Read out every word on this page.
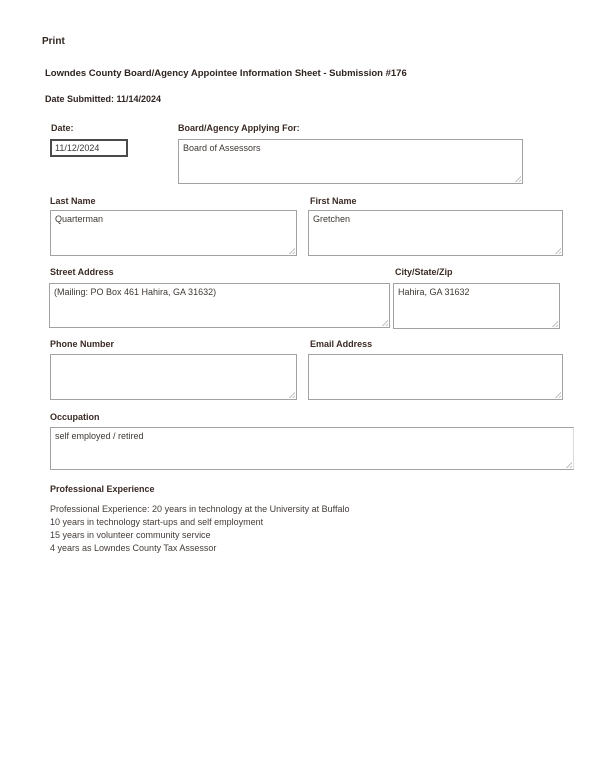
Print
Lowndes County Board/Agency Appointee Information Sheet - Submission #176
Date Submitted: 11/14/2024
Date:
11/12/2024	Board/Agency Applying For:
Board of Assessors
Last Name
Quarterman
First Name
Gretchen
Street Address
(Mailing: PO Box 461 Hahira, GA 31632)
City/State/Zip
Hahira, GA 31632
Phone Number	Email Address
Occupation
self employed / retired
Professional Experience
Professional Experience: 20 years in technology at the University at Buffalo
10 years in technology start-ups and self employment
15 years in volunteer community service
4 years as Lowndes County Tax Assessor
